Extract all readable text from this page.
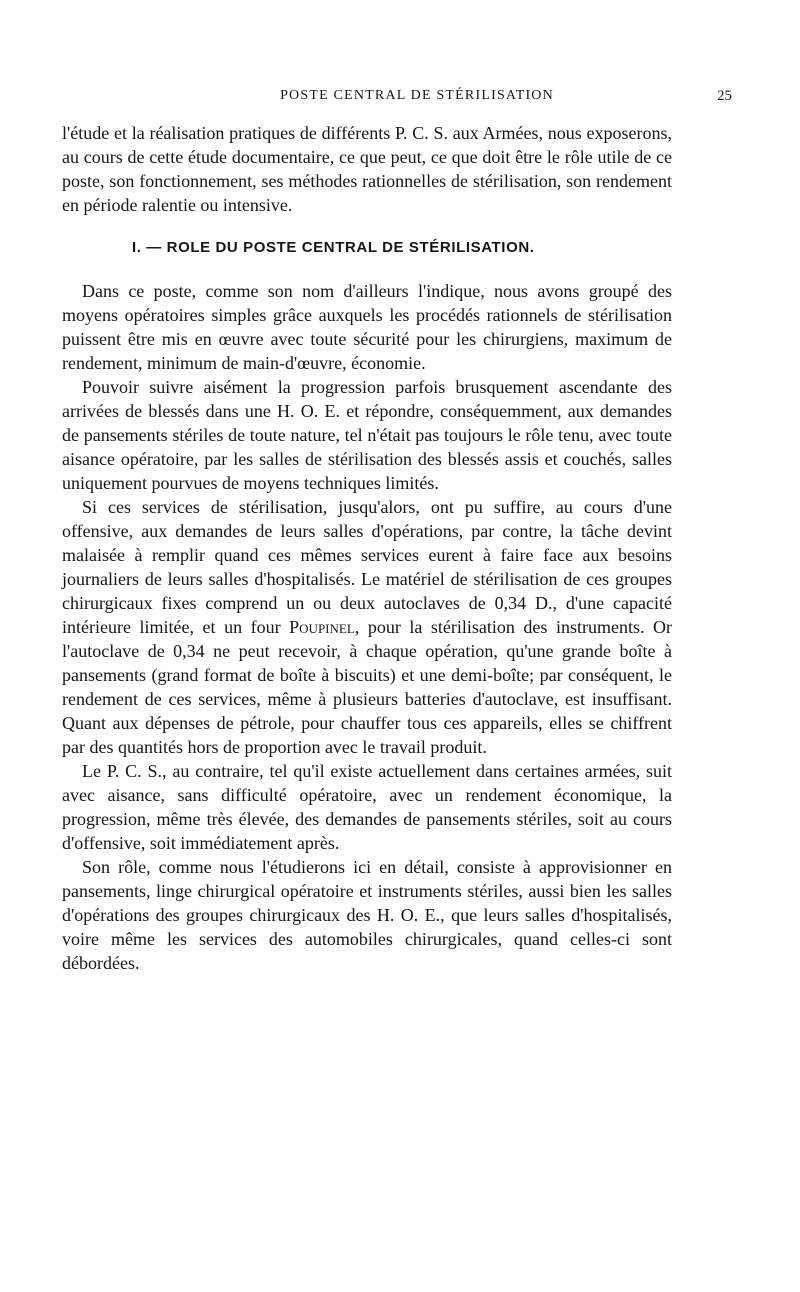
POSTE CENTRAL DE STÉRILISATION	25

l'étude et la réalisation pratiques de différents P. C. S. aux Armées, nous exposerons, au cours de cette étude documentaire, ce que peut, ce que doit être le rôle utile de ce poste, son fonctionnement, ses méthodes rationnelles de stérilisation, son rendement en période ralentie ou intensive.

I. — ROLE DU POSTE CENTRAL DE STÉRILISATION.

Dans ce poste, comme son nom d'ailleurs l'indique, nous avons groupé des moyens opératoires simples grâce auxquels les procédés rationnels de stérilisation puissent être mis en œuvre avec toute sécurité pour les chirurgiens, maximum de rendement, minimum de main-d'œuvre, économie.

Pouvoir suivre aisément la progression parfois brusquement ascendante des arrivées de blessés dans une H. O. E. et répondre, conséquemment, aux demandes de pansements stériles de toute nature, tel n'était pas toujours le rôle tenu, avec toute aisance opératoire, par les salles de stérilisation des blessés assis et couchés, salles uniquement pourvues de moyens techniques limités.

Si ces services de stérilisation, jusqu'alors, ont pu suffire, au cours d'une offensive, aux demandes de leurs salles d'opérations, par contre, la tâche devint malaisée à remplir quand ces mêmes services eurent à faire face aux besoins journaliers de leurs salles d'hospitalisés. Le matériel de stérilisation de ces groupes chirurgicaux fixes comprend un ou deux autoclaves de 0,34 D., d'une capacité intérieure limitée, et un four Poupinel, pour la stérilisation des instruments. Or l'autoclave de 0,34 ne peut recevoir, à chaque opération, qu'une grande boîte à pansements (grand format de boîte à biscuits) et une demi-boîte; par conséquent, le rendement de ces services, même à plusieurs batteries d'autoclave, est insuffisant. Quant aux dépenses de pétrole, pour chauffer tous ces appareils, elles se chiffrent par des quantités hors de proportion avec le travail produit.

Le P. C. S., au contraire, tel qu'il existe actuellement dans certaines armées, suit avec aisance, sans difficulté opératoire, avec un rendement économique, la progression, même très élevée, des demandes de pansements stériles, soit au cours d'offensive, soit immédiatement après.

Son rôle, comme nous l'étudierons ici en détail, consiste à approvisionner en pansements, linge chirurgical opératoire et instruments stériles, aussi bien les salles d'opérations des groupes chirurgicaux des H. O. E., que leurs salles d'hospitalisés, voire même les services des automobiles chirurgicales, quand celles-ci sont débordées.
